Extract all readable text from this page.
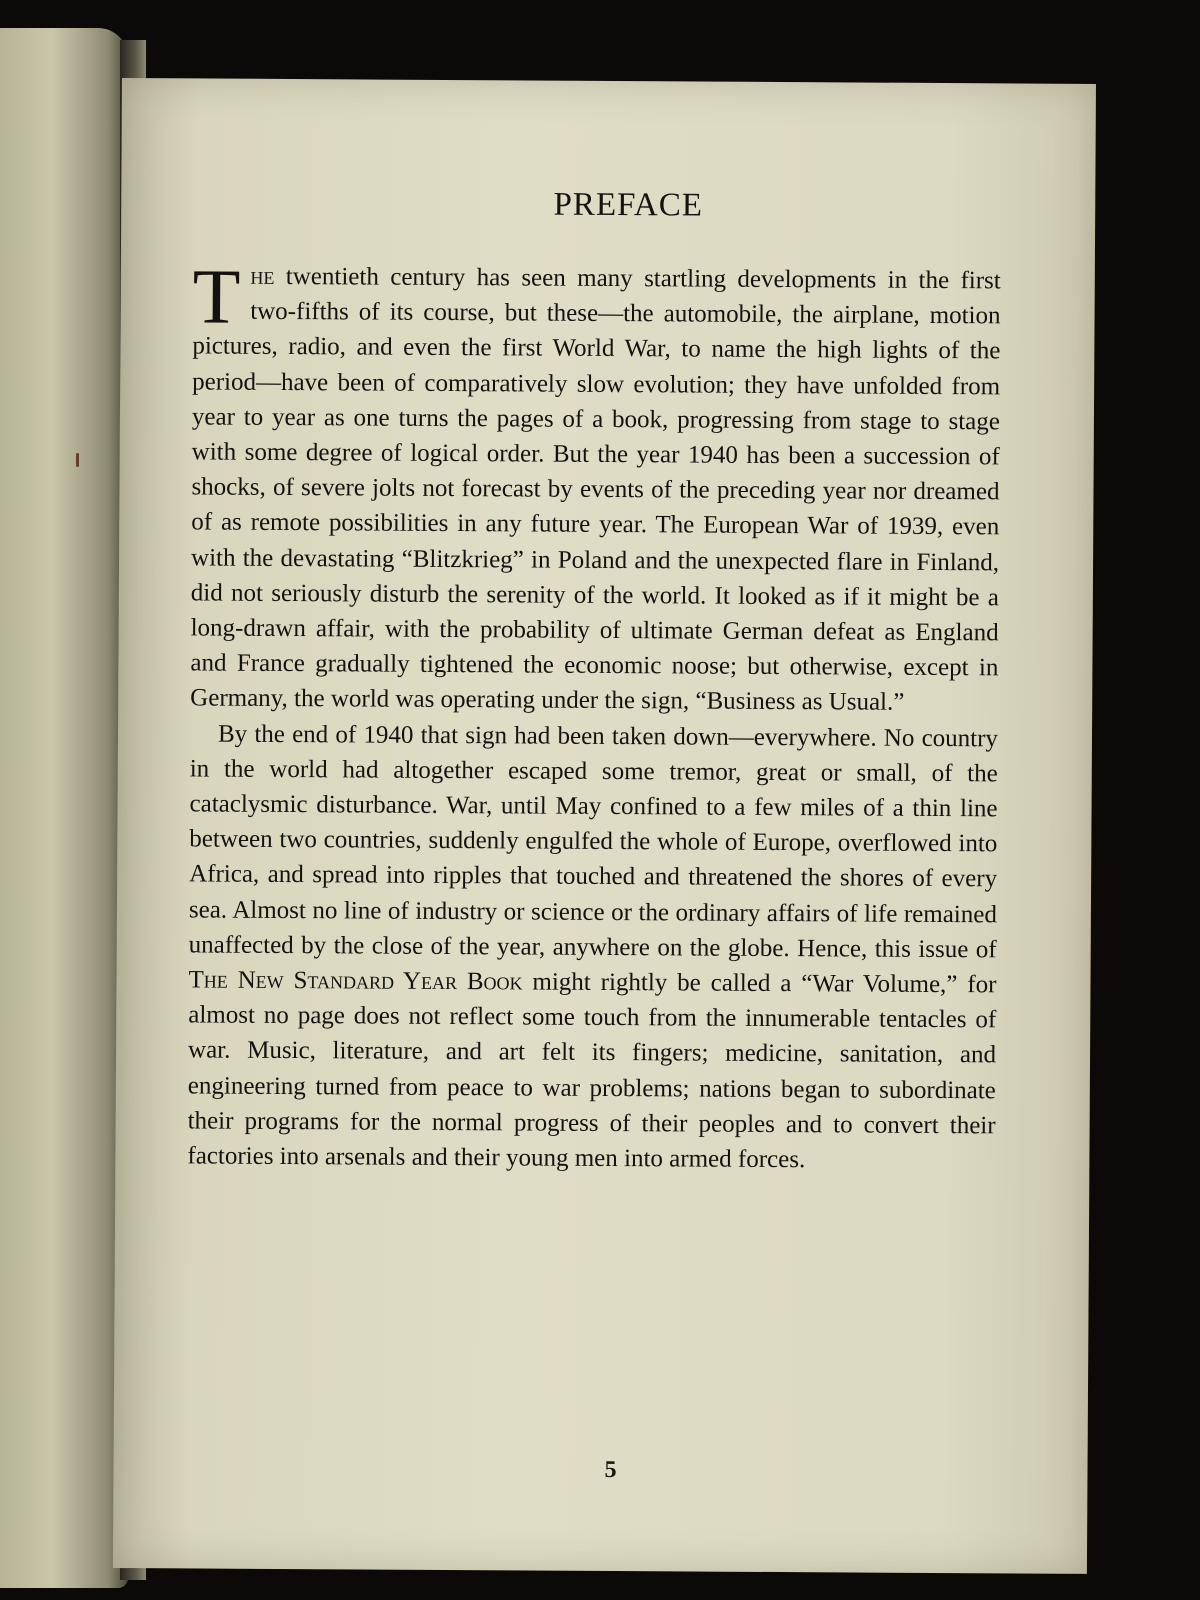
PREFACE

The twentieth century has seen many startling developments in the first two-fifths of its course, but these—the automobile, the airplane, motion pictures, radio, and even the first World War, to name the high lights of the period—have been of comparatively slow evolution; they have unfolded from year to year as one turns the pages of a book, progressing from stage to stage with some degree of logical order. But the year 1940 has been a succession of shocks, of severe jolts not forecast by events of the preceding year nor dreamed of as remote possibilities in any future year. The European War of 1939, even with the devastating “Blitzkrieg” in Poland and the unexpected flare in Finland, did not seriously disturb the serenity of the world. It looked as if it might be a long-drawn affair, with the probability of ultimate German defeat as England and France gradually tightened the economic noose; but otherwise, except in Germany, the world was operating under the sign, “Business as Usual.”

By the end of 1940 that sign had been taken down—everywhere. No country in the world had altogether escaped some tremor, great or small, of the cataclysmic disturbance. War, until May confined to a few miles of a thin line between two countries, suddenly engulfed the whole of Europe, overflowed into Africa, and spread into ripples that touched and threatened the shores of every sea. Almost no line of industry or science or the ordinary affairs of life remained unaffected by the close of the year, anywhere on the globe. Hence, this issue of The New Standard Year Book might rightly be called a “War Volume,” for almost no page does not reflect some touch from the innumerable tentacles of war. Music, literature, and art felt its fingers; medicine, sanitation, and engineering turned from peace to war problems; nations began to subordinate their programs for the normal progress of their peoples and to convert their factories into arsenals and their young men into armed forces.

5
